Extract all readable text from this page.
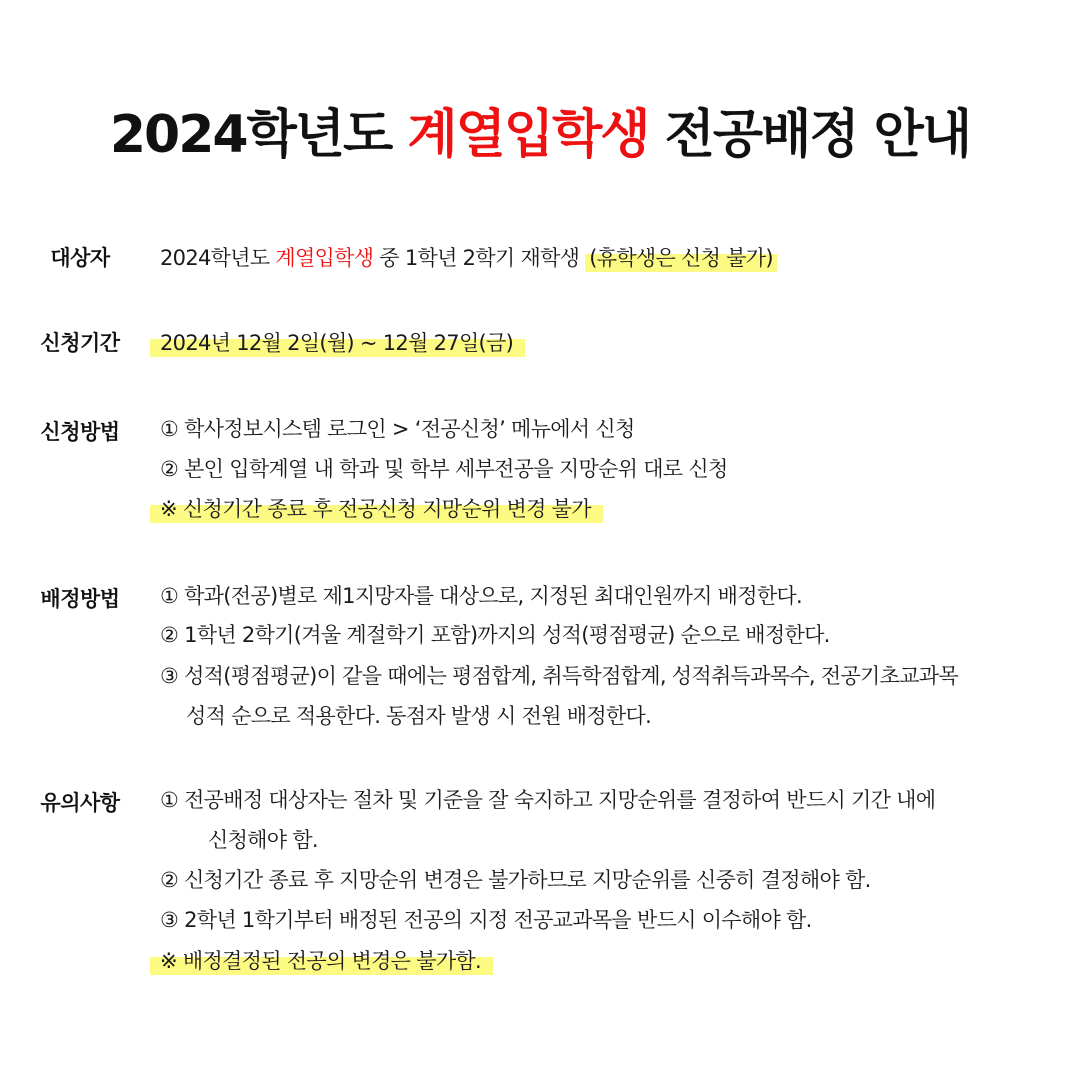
2024학년도 계열입학생 전공배정 안내
대상자	2024학년도 계열입학생 중 1학년 2학기 재학생 (휴학생은 신청 불가)
신청기간	2024년 12월 2일(월) ~ 12월 27일(금)
신청방법	① 학사정보시스템 로그인 > ‘전공신청’ 메뉴에서 신청
② 본인 입학계열 내 학과 및 학부 세부전공을 지망순위 대로 신청
※ 신청기간 종료 후 전공신청 지망순위 변경 불가
배정방법	① 학과(전공)별로 제1지망자를 대상으로, 지정된 최대인원까지 배정한다.
② 1학년 2학기(겨울 계절학기 포함)까지의 성적(평점평균) 순으로 배정한다.
③ 성적(평점평균)이 같을 때에는 평점합계, 취득학점합계, 성적취득과목수, 전공기초교과목
성적 순으로 적용한다. 동점자 발생 시 전원 배정한다.
유의사항	① 전공배정 대상자는 절차 및 기준을 잘 숙지하고 지망순위를 결정하여 반드시 기간 내에
신청해야 함.
② 신청기간 종료 후 지망순위 변경은 불가하므로 지망순위를 신중히 결정해야 함.
③ 2학년 1학기부터 배정된 전공의 지정 전공교과목을 반드시 이수해야 함.
※ 배정결정된 전공의 변경은 불가함.
